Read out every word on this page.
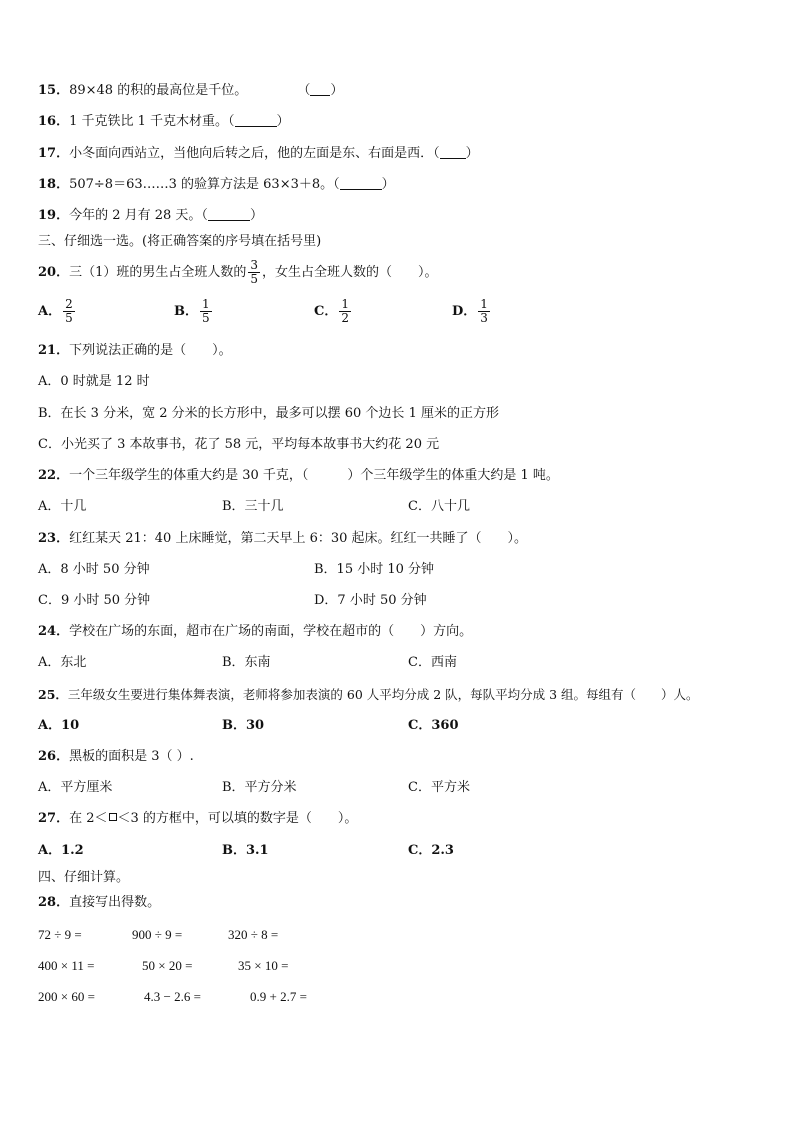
15．89×48 的积的最高位是千位。	（ ）
16．1 千克铁比 1 千克木材重。（	）
17．小冬面向西站立，当他向后转之后，他的左面是东、右面是西．（ ）
18．507÷8＝63……3 的验算方法是 63×3＋8。（	）
19．今年的 2 月有 28 天。（	）
三、仔细选一选。(将正确答案的序号填在括号里)
20．三（1）班的男生占全班人数的 $\frac{3}{5}$ ，女生占全班人数的（　　）。
A． $\frac{2}{5}$	B． $\frac{1}{5}$	C． $\frac{1}{2}$	D． $\frac{1}{3}$
21．下列说法正确的是（　　）。
A．0 时就是 12 时
B．在长 3 分米，宽 2 分米的长方形中，最多可以摆 60 个边长 1 厘米的正方形
C．小光买了 3 本故事书，花了 58 元，平均每本故事书大约花 20 元
22．一个三年级学生的体重大约是 30 千克，（　　　）个三年级学生的体重大约是 1 吨。
A．十几	B．三十几	C．八十几
23．红红某天 21：40 上床睡觉，第二天早上 6：30 起床。红红一共睡了（　　）。
A．8 小时 50 分钟	B．15 小时 10 分钟
C．9 小时 50 分钟	D．7 小时 50 分钟
24．学校在广场的东面，超市在广场的南面，学校在超市的（　　）方向。
A．东北	B．东南	C．西南
25．三年级女生要进行集体舞表演，老师将参加表演的 60 人平均分成 2 队，每队平均分成 3 组。每组有（　　）人。
A．10	B．30	C．360
26．黑板的面积是 3（ ）.
A．平方厘米	B．平方分米	C．平方米
27．在 2＜ ＜3 的方框中，可以填的数字是（　　）。
A．1.2	B．3.1	C．2.3
四、仔细计算。
28．直接写出得数。
72 ÷ 9 =	900 ÷ 9 =	320 ÷ 8 =
400 × 11 =	50 × 20 =	35 × 10 =
200 × 60 =	4.3 − 2.6 =	0.9 + 2.7 =
